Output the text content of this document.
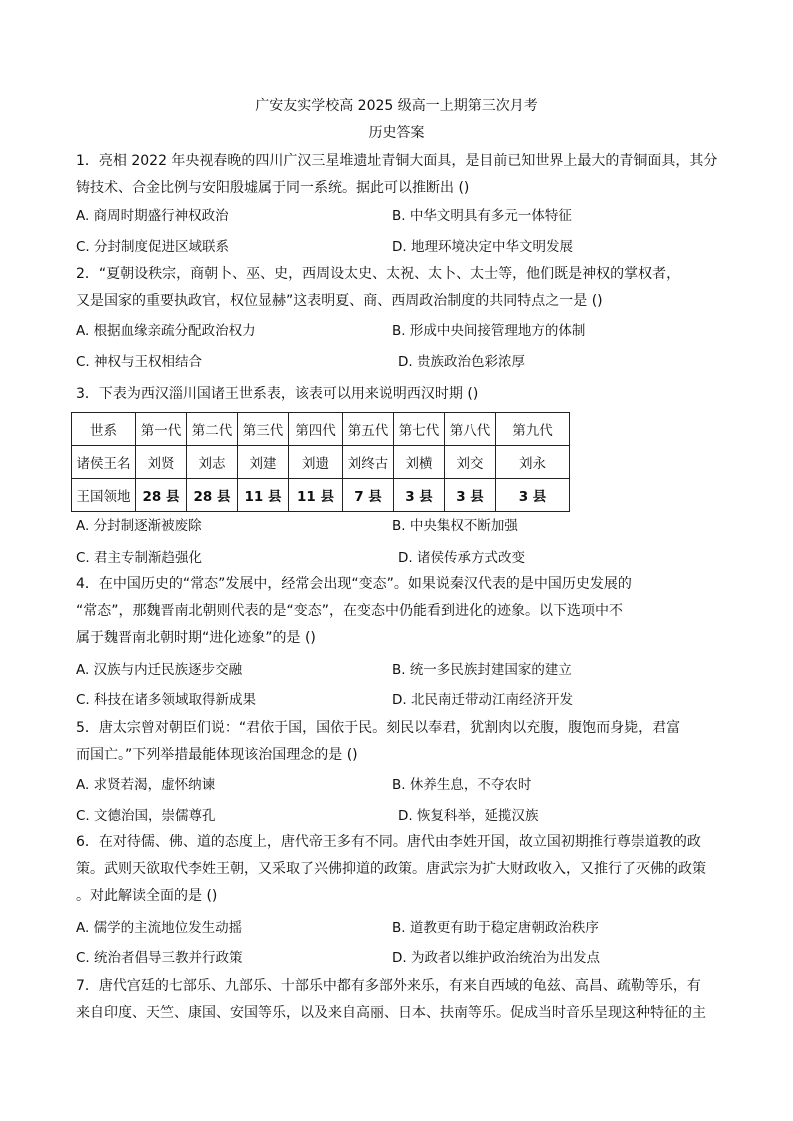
广安友实学校高 2025 级高一上期第三次月考
历史答案
1．亮相 2022 年央视春晚的四川广汉三星堆遗址青铜大面具，是目前已知世界上最大的青铜面具，其分
铸技术、合金比例与安阳殷墟属于同一系统。据此可以推断出 ()
A. 商周时期盛行神权政治	B. 中华文明具有多元一体特征
C. 分封制度促进区域联系	D. 地理环境决定中华文明发展
2．“夏朝设秩宗，商朝卜、巫、史，西周设太史、太祝、太卜、太士等，他们既是神权的掌权者，
又是国家的重要执政官，权位显赫”这表明夏、商、西周政治制度的共同特点之一是 ()
A. 根据血缘亲疏分配政治权力	B. 形成中央间接管理地方的体制
C. 神权与王权相结合	D. 贵族政治色彩浓厚
3．下表为西汉淄川国诸王世系表，该表可以用来说明西汉时期 ()
世系	第一代	第二代	第三代	第四代	第五代	第七代	第八代	第九代
诸侯王名	刘贤	刘志	刘建	刘遗	刘终古	刘横	刘交	刘永
王国领地	28 县	28 县	11 县	11 县	7 县	3 县	3 县	3 县
A. 分封制逐渐被废除	B. 中央集权不断加强
C. 君主专制渐趋强化	D. 诸侯传承方式改变
4．在中国历史的“常态”发展中，经常会出现“变态”。如果说秦汉代表的是中国历史发展的
“常态”，那魏晋南北朝则代表的是“变态”，在变态中仍能看到进化的迹象。以下选项中不
属于魏晋南北朝时期“进化迹象”的是 ()
A. 汉族与内迁民族逐步交融	B. 统一多民族封建国家的建立
C. 科技在诸多领域取得新成果	D. 北民南迁带动江南经济开发
5．唐太宗曾对朝臣们说：“君依于国，国依于民。刻民以奉君，犹割肉以充腹，腹饱而身毙，君富
而国亡。”下列举措最能体现该治国理念的是 ()
A. 求贤若渴，虚怀纳谏	B. 休养生息，不夺农时
C. 文德治国，崇儒尊孔	D. 恢复科举，延揽汉族
6．在对待儒、佛、道的态度上，唐代帝王多有不同。唐代由李姓开国，故立国初期推行尊崇道教的政
策。武则天欲取代李姓王朝，又采取了兴佛抑道的政策。唐武宗为扩大财政收入，又推行了灭佛的政策
。对此解读全面的是 ()
A. 儒学的主流地位发生动摇	B. 道教更有助于稳定唐朝政治秩序
C. 统治者倡导三教并行政策	D. 为政者以维护政治统治为出发点
7．唐代宫廷的七部乐、九部乐、十部乐中都有多部外来乐，有来自西域的龟兹、高昌、疏勒等乐，有
来自印度、天竺、康国、安国等乐，以及来自高丽、日本、扶南等乐。促成当时音乐呈现这种特征的主
